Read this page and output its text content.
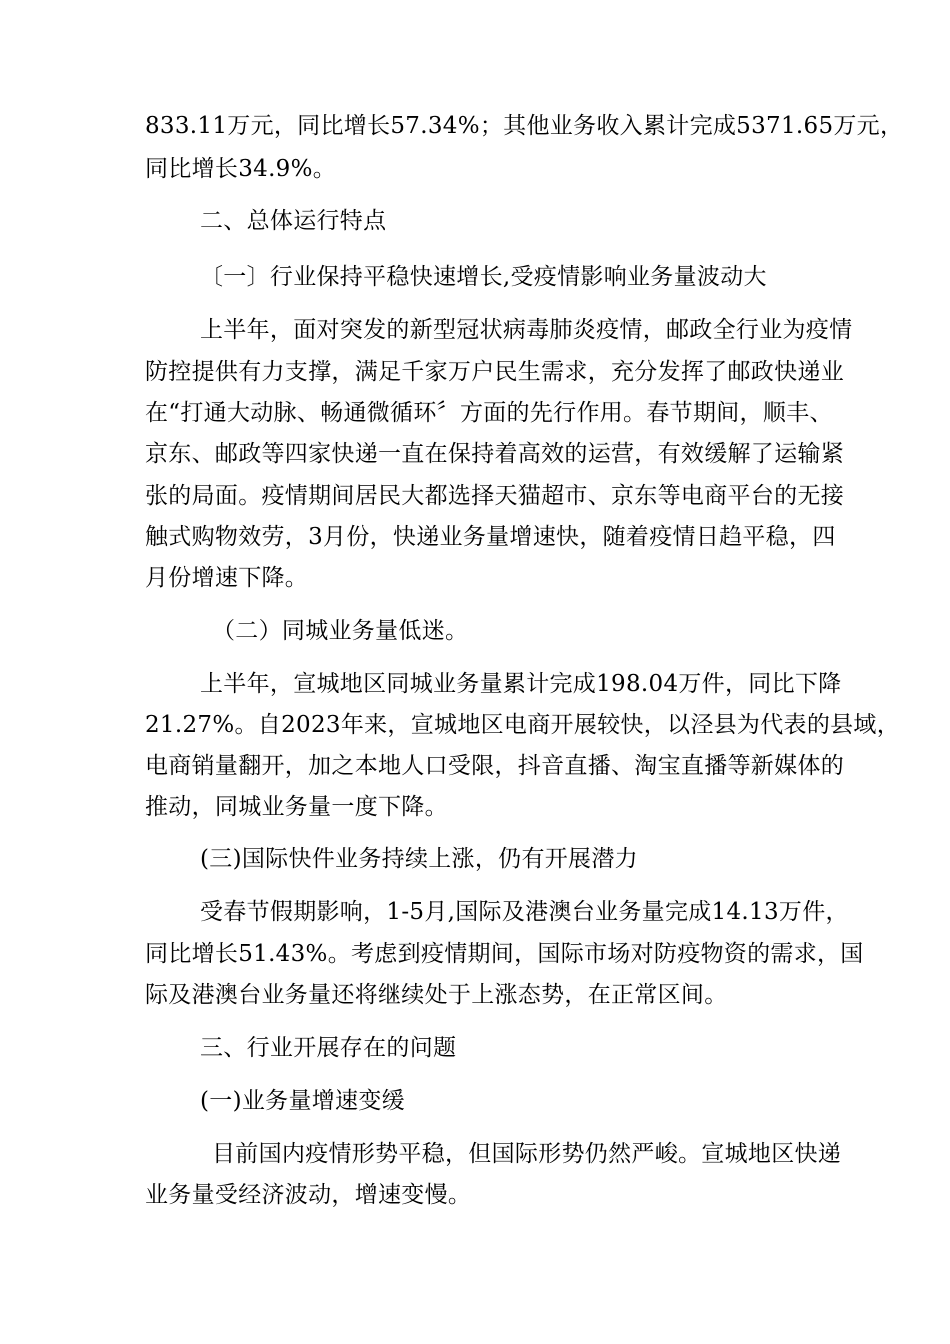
833.11万元，同比增长57.34%；其他业务收入累计完成5371.65万元，
同比增长34.9%。
二、总体运行特点
〔一〕行业保持平稳快速增长,受疫情影响业务量波动大
上半年，面对突发的新型冠状病毒肺炎疫情，邮政全行业为疫情
防控提供有力支撑，满足千家万户民生需求，充分发挥了邮政快递业
在“打通大动脉、畅通微循环〞方面的先行作用。春节期间，顺丰、
京东、邮政等四家快递一直在保持着高效的运营，有效缓解了运输紧
张的局面。疫情期间居民大都选择天猫超市、京东等电商平台的无接
触式购物效劳，3月份，快递业务量增速快，随着疫情日趋平稳，四
月份增速下降。
（二）同城业务量低迷。
上半年，宣城地区同城业务量累计完成198.04万件，同比下降
21.27%。自2023年来，宣城地区电商开展较快，以泾县为代表的县域，
电商销量翻开，加之本地人口受限，抖音直播、淘宝直播等新媒体的
推动，同城业务量一度下降。
(三)国际快件业务持续上涨，仍有开展潜力
受春节假期影响，1-5月,国际及港澳台业务量完成14.13万件，
同比增长51.43%。考虑到疫情期间，国际市场对防疫物资的需求，国
际及港澳台业务量还将继续处于上涨态势，在正常区间。
三、行业开展存在的问题
(一)业务量增速变缓
目前国内疫情形势平稳，但国际形势仍然严峻。宣城地区快递
业务量受经济波动，增速变慢。
